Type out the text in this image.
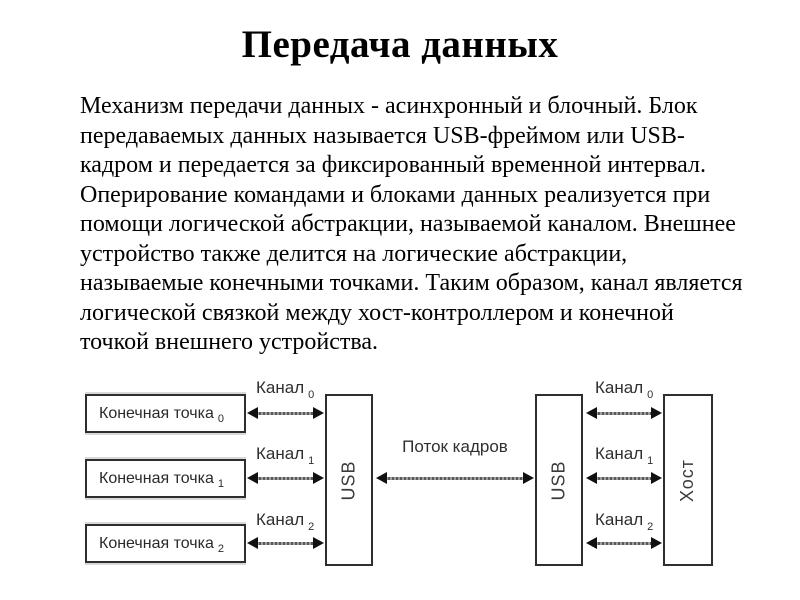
Передача данных
Механизм передачи данных - асинхронный и блочный. Блок
передаваемых данных называется USB-фреймом или USB-
кадром и передается за фиксированный временной интервал.
Оперирование командами и блоками данных реализуется при
помощи логической абстракции, называемой каналом. Внешнее
устройство также делится на логические абстракции,
называемые конечными точками. Таким образом, канал является
логической связкой между хост-контроллером и конечной
точкой внешнего устройства.
Конечная точка 0
Конечная точка 1
Конечная точка 2
USB	USB	Хост
Канал $_0$
Канал $_1$
Канал $_2$
Канал $_0$
Канал $_1$
Канал $_2$
Поток кадров
